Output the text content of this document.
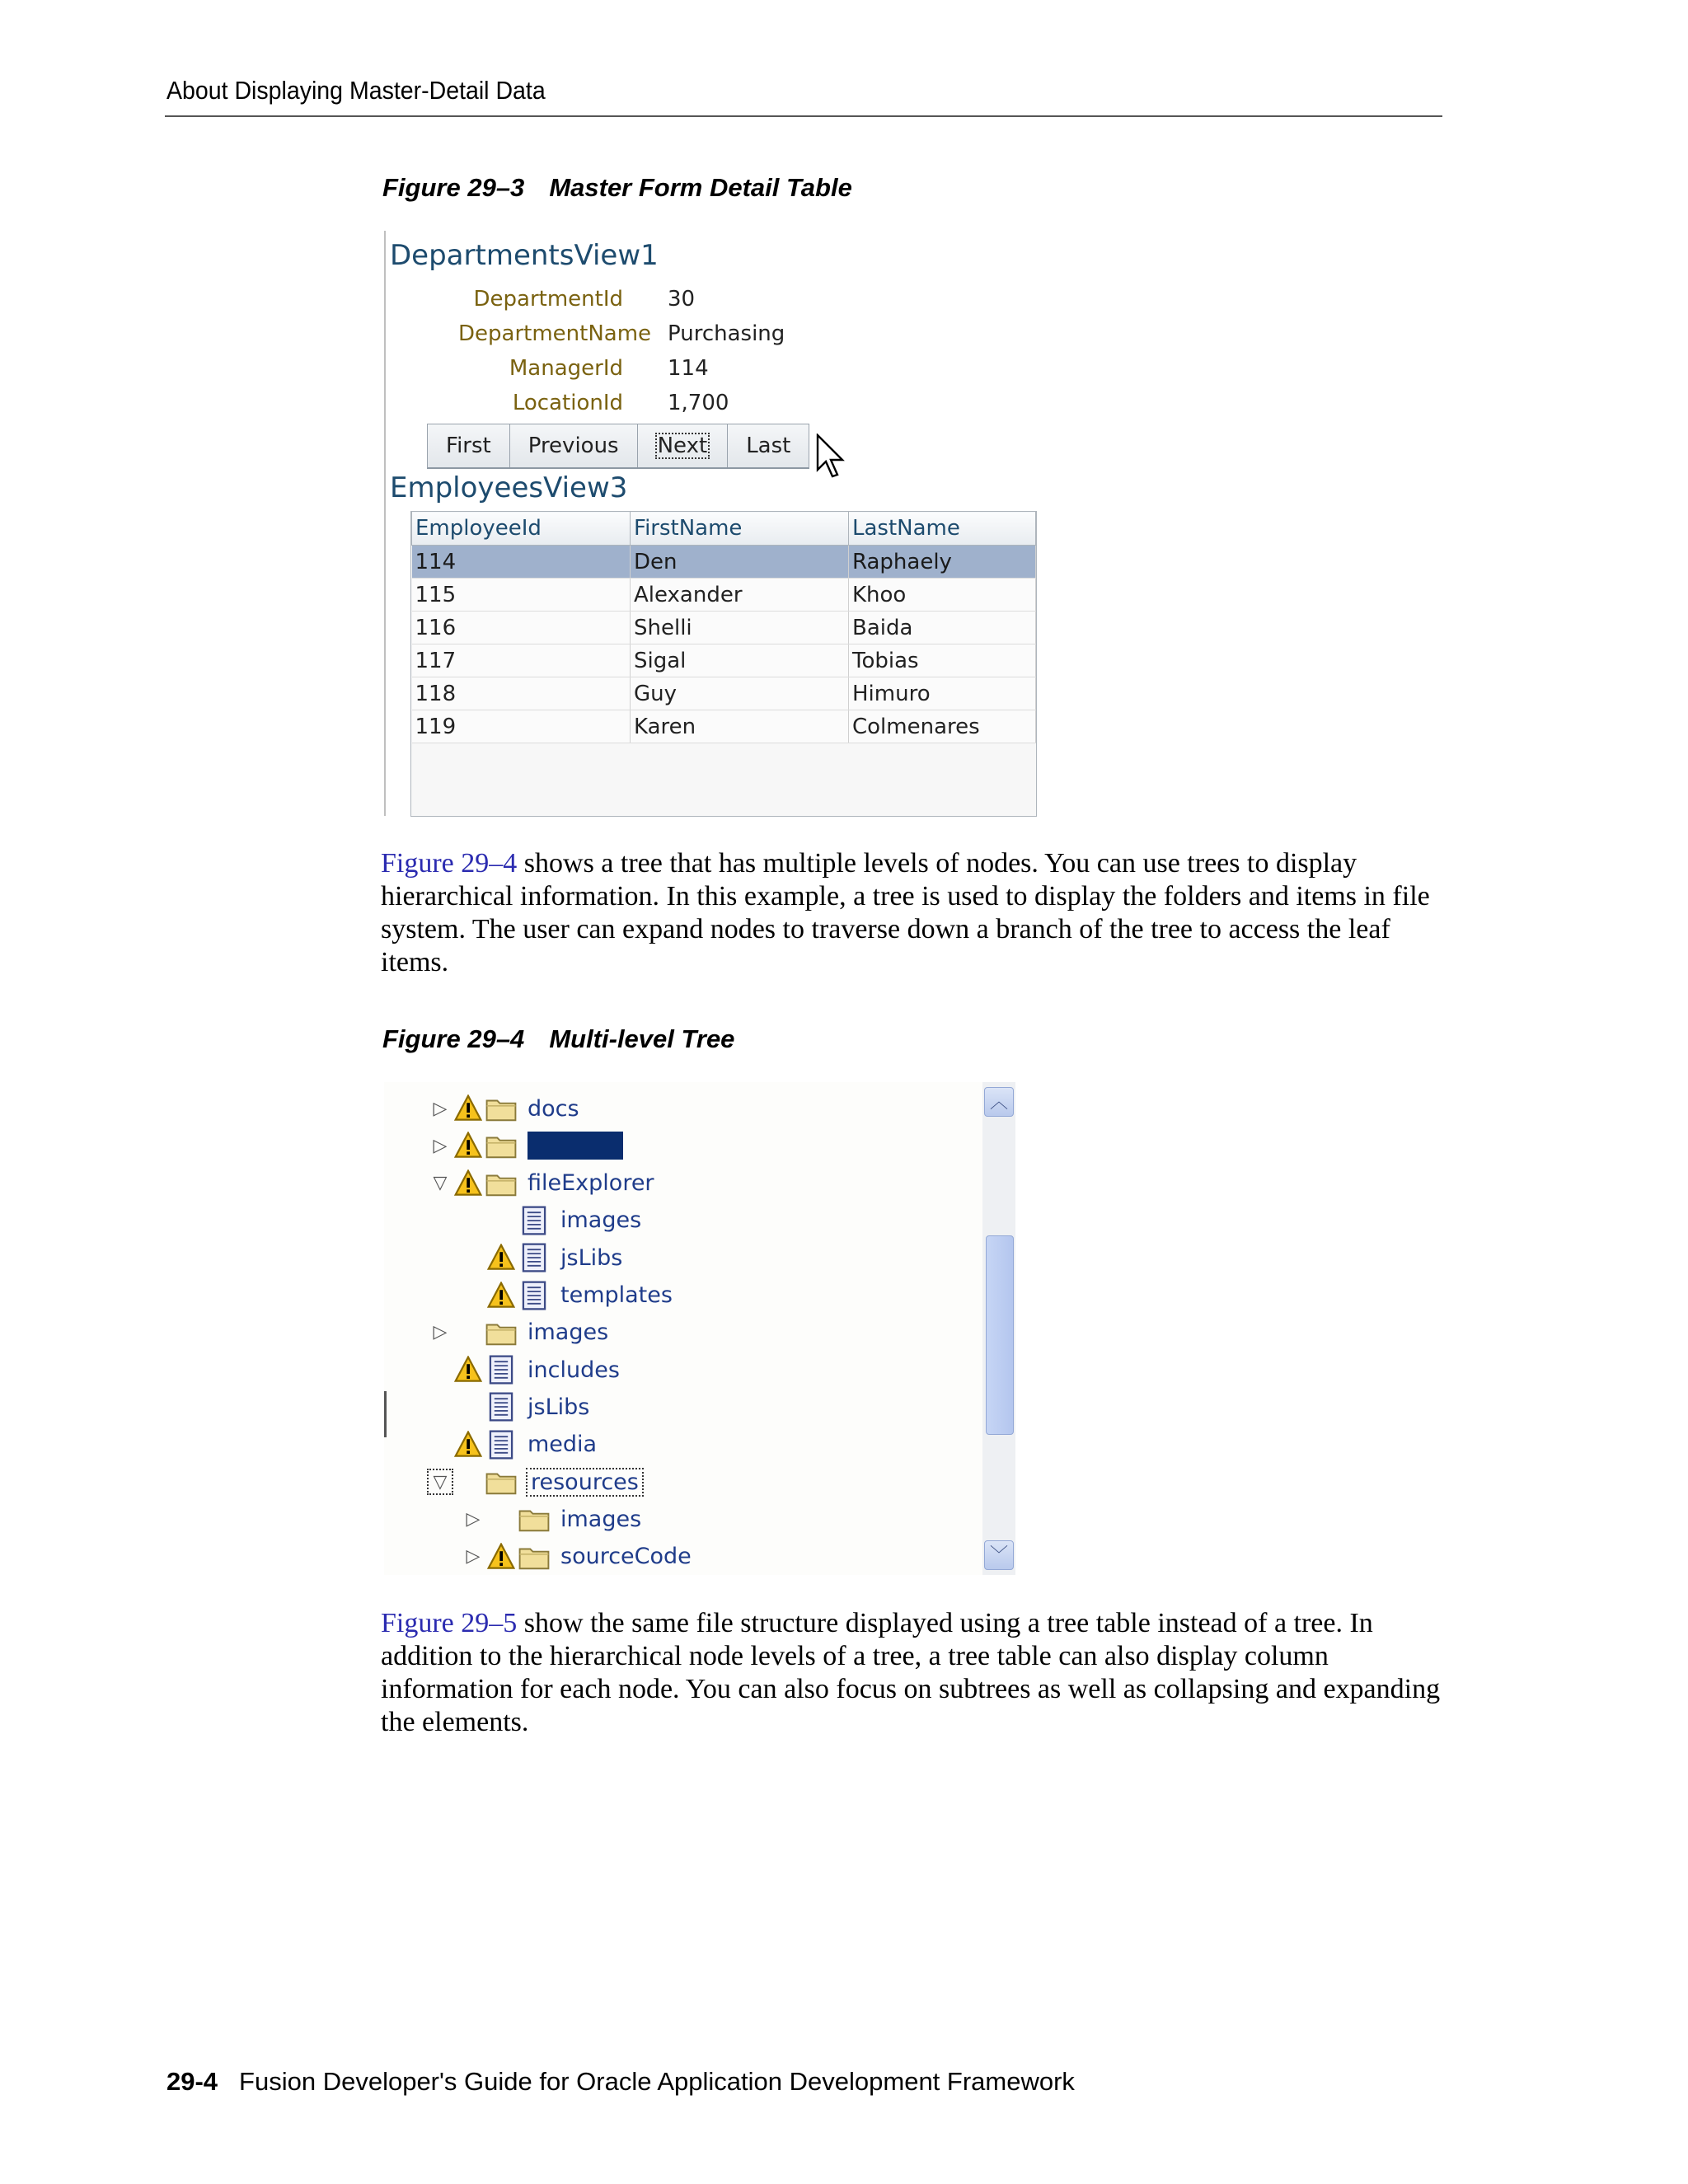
About Displaying Master-Detail Data
Figure 29–3 Master Form Detail Table
DepartmentsView1
DepartmentId 30
DepartmentName Purchasing
ManagerId 114
LocationId 1,700
First	Previous	Next	Last
EmployeesView3
EmployeeId	FirstName	LastName
114	Den	Raphaely
115	Alexander	Khoo
116	Shelli	Baida
117	Sigal	Tobias
118	Guy	Himuro
119	Karen	Colmenares
Figure 29–4 shows a tree that has multiple levels of nodes. You can use trees to display hierarchical information. In this example, a tree is used to display the folders and items in file system. The user can expand nodes to traverse down a branch of the tree to access the leaf items.
Figure 29–4 Multi-level Tree
▷	docs
▷
▽	fileExplorer
images
jsLibs
templates
▷	images
includes
jsLibs
media
▽	resources
▷	images
▷	sourceCode
︿
﹀
Figure 29–5 show the same file structure displayed using a tree table instead of a tree. In addition to the hierarchical node levels of a tree, a tree table can also display column information for each node. You can also focus on subtrees as well as collapsing and expanding the elements.
29-4 Fusion Developer's Guide for Oracle Application Development Framework
